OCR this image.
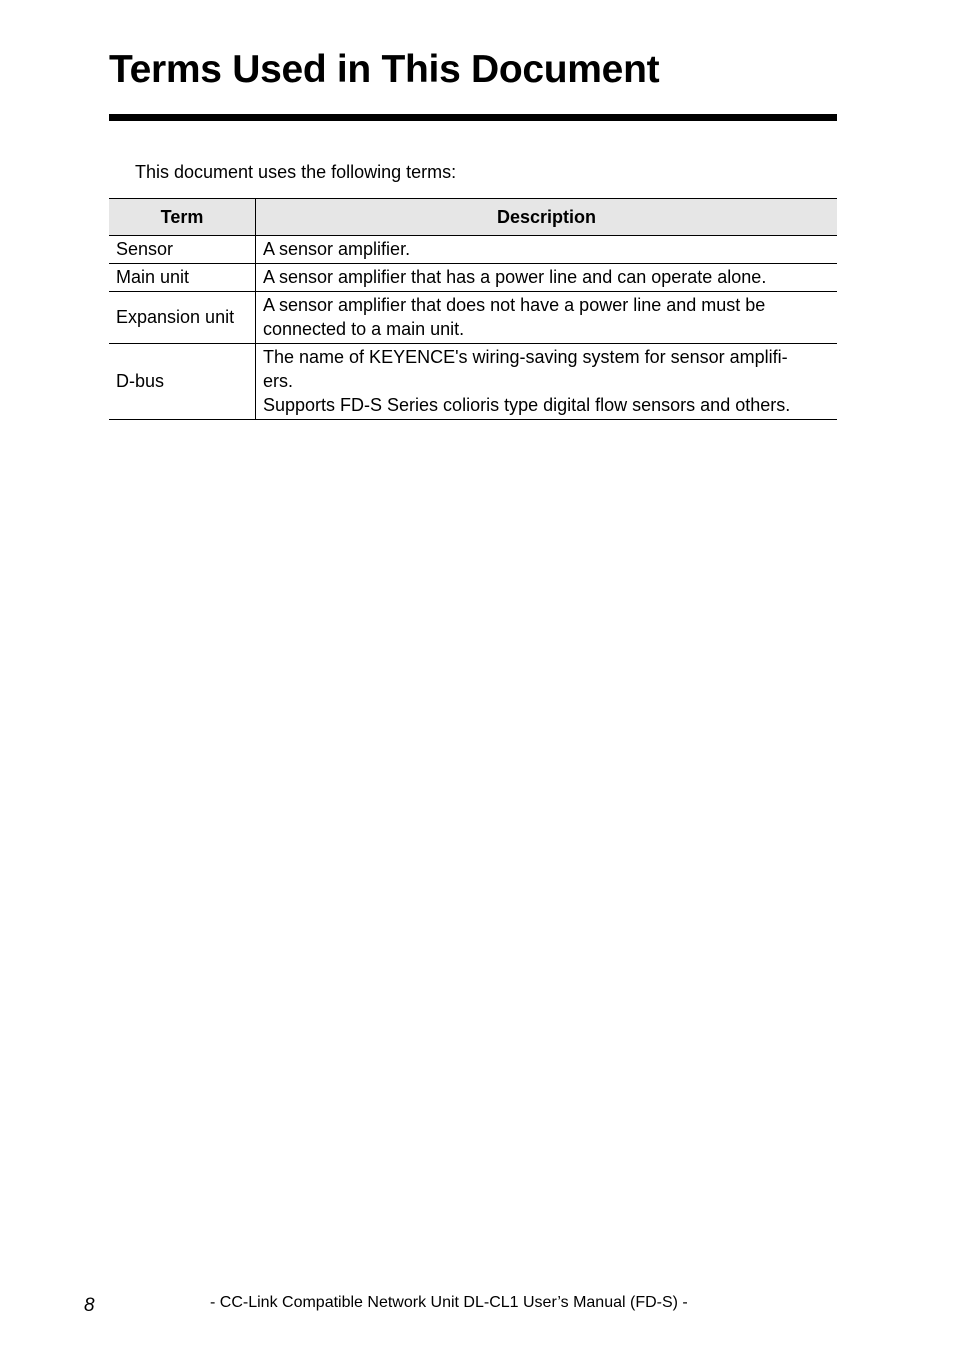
Terms Used in This Document
This document uses the following terms:
Term	Description
Sensor	A sensor amplifier.

Main unit	A sensor amplifier that has a power line and can operate alone.

Expansion unit	A sensor amplifier that does not have a power line and must be
connected to a main unit.

D-bus	The name of KEYENCE's wiring-saving system for sensor amplifi-
ers.
Supports FD-S Series colioris type digital flow sensors and others.
8	- CC-Link Compatible Network Unit DL-CL1 User’s Manual (FD-S) -
